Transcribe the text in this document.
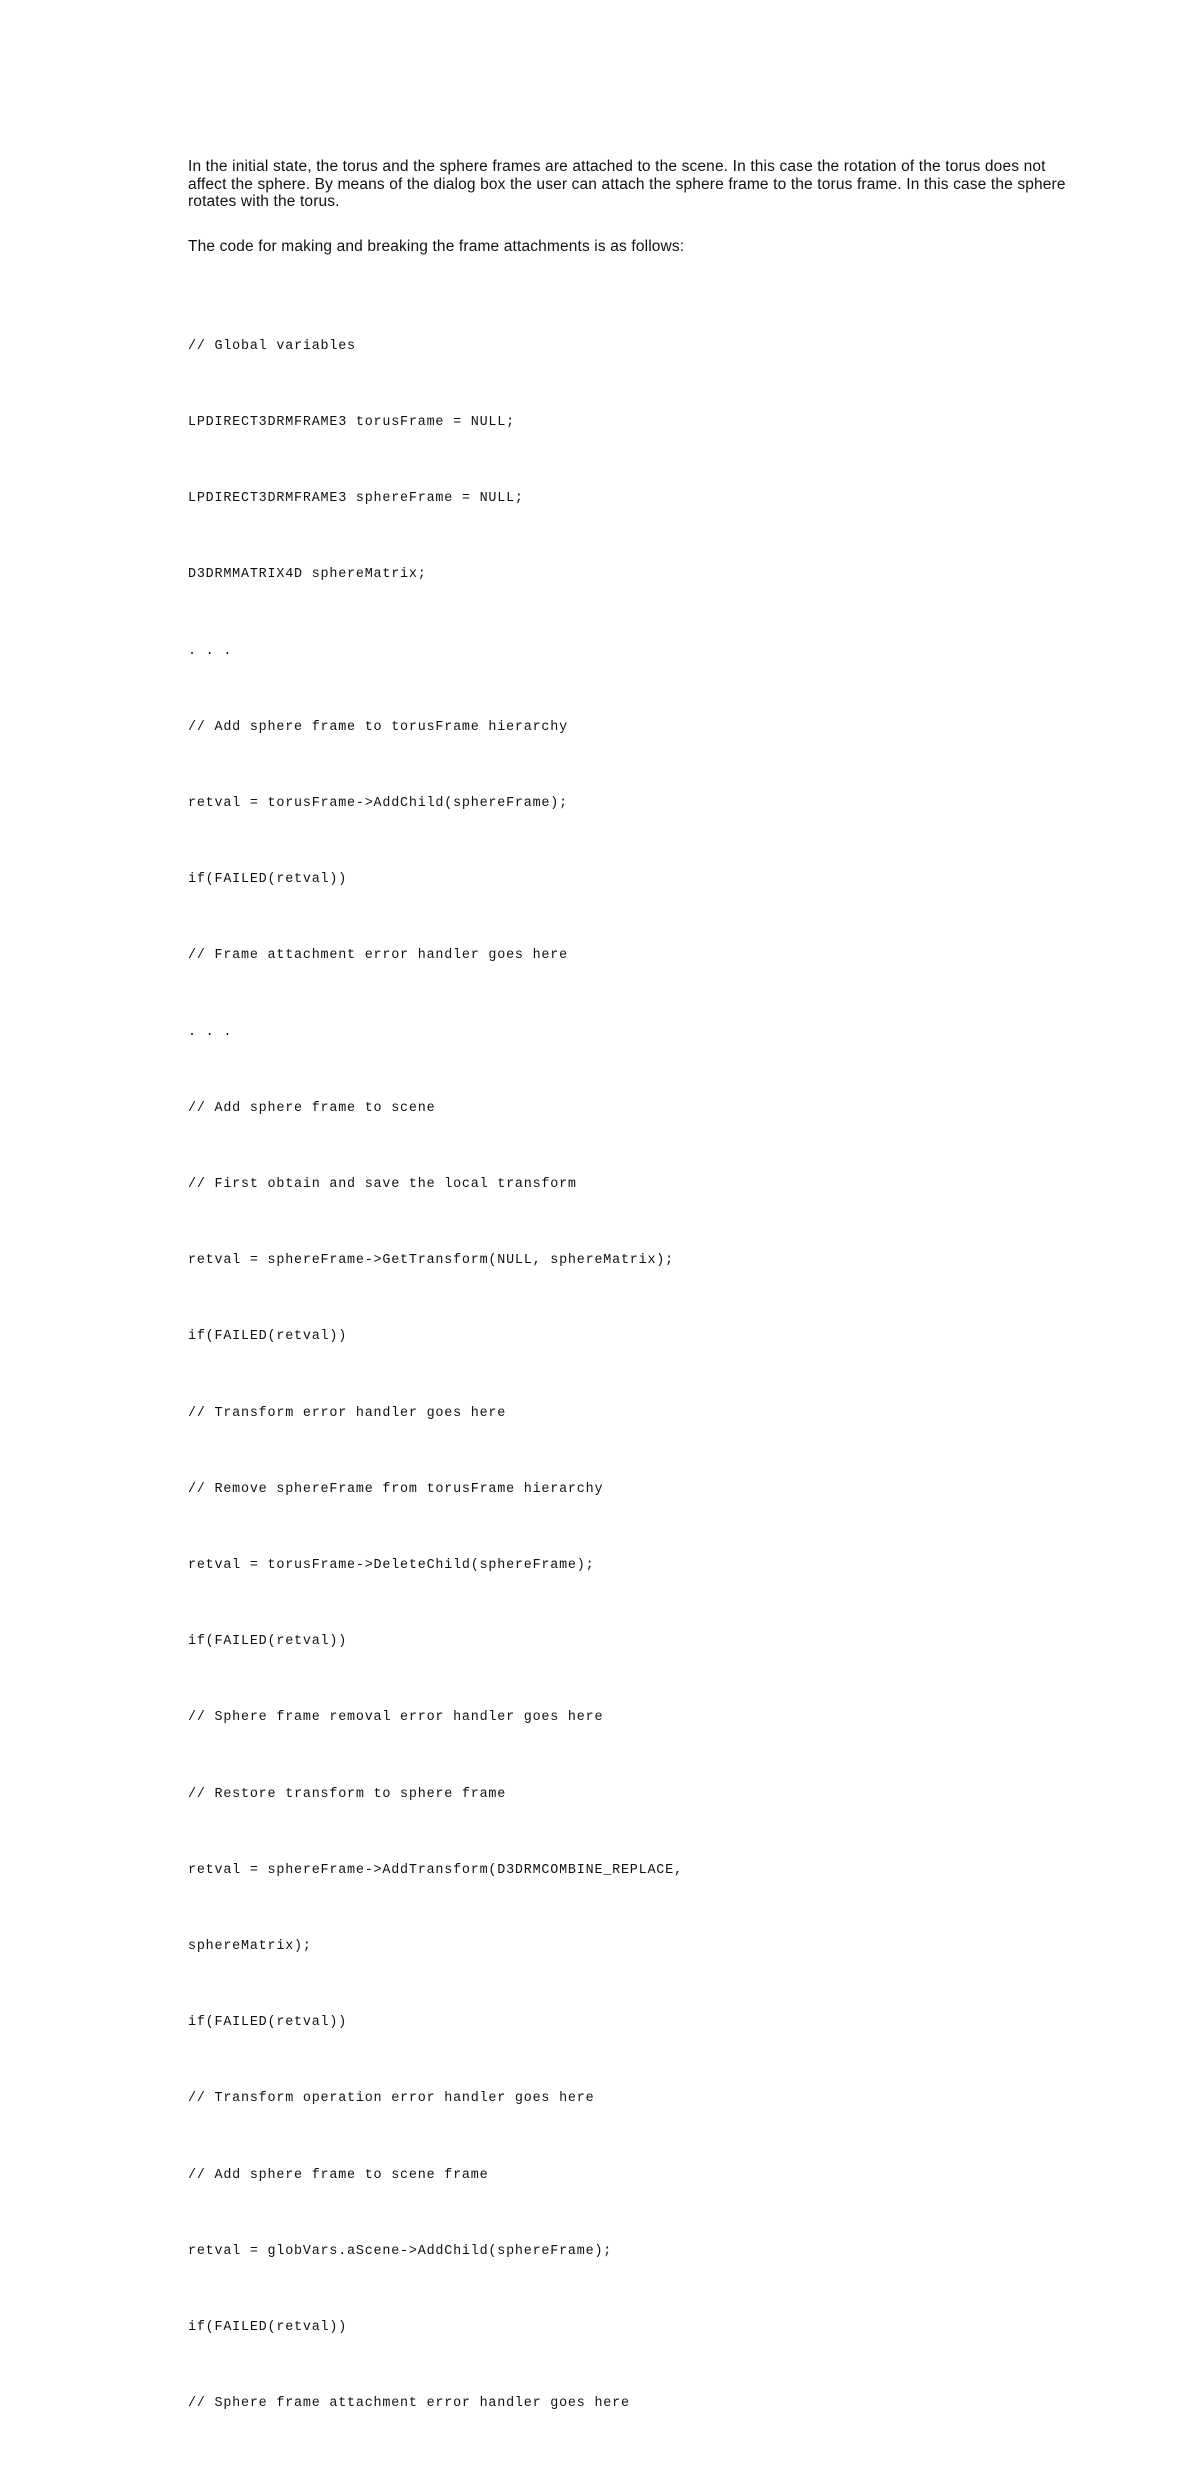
In the initial state, the torus and the sphere frames are attached to the scene. In this case the rotation of the torus does not affect the sphere. By means of the dialog box the user can attach the sphere frame to the torus frame. In this case the sphere rotates with the torus.

The code for making and breaking the frame attachments is as follows:

// Global variables

LPDIRECT3DRMFRAME3 torusFrame = NULL;

LPDIRECT3DRMFRAME3 sphereFrame = NULL;

D3DRMMATRIX4D sphereMatrix;

. . .

// Add sphere frame to torusFrame hierarchy

retval = torusFrame->AddChild(sphereFrame);

if(FAILED(retval))

// Frame attachment error handler goes here

. . .

// Add sphere frame to scene

// First obtain and save the local transform

retval = sphereFrame->GetTransform(NULL, sphereMatrix);

if(FAILED(retval))

// Transform error handler goes here

// Remove sphereFrame from torusFrame hierarchy

retval = torusFrame->DeleteChild(sphereFrame);

if(FAILED(retval))

// Sphere frame removal error handler goes here

// Restore transform to sphere frame

retval = sphereFrame->AddTransform(D3DRMCOMBINE_REPLACE,

sphereMatrix);

if(FAILED(retval))

// Transform operation error handler goes here

// Add sphere frame to scene frame

retval = globVars.aScene->AddChild(sphereFrame);

if(FAILED(retval))

// Sphere frame attachment error handler goes here
